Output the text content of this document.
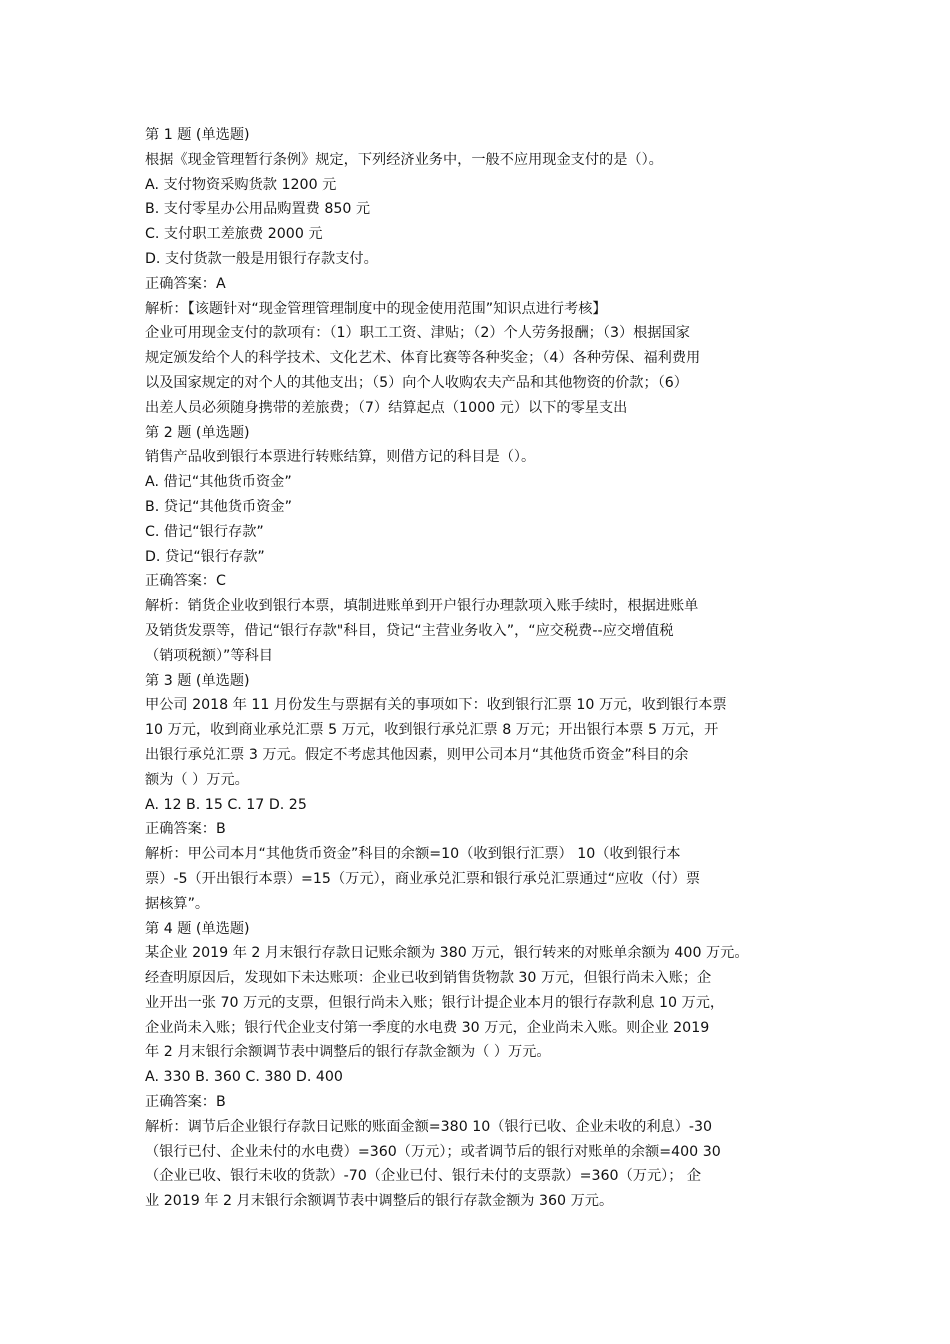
第 1 题 (单选题)
根据《现金管理暂行条例》规定，下列经济业务中，一般不应用现金支付的是（）。
A. 支付物资采购货款 1200 元
B. 支付零星办公用品购置费 850 元
C. 支付职工差旅费 2000 元
D. 支付货款一般是用银行存款支付。
正确答案：A
解析：【该题针对“现金管理管理制度中的现金使用范围”知识点进行考核】
企业可用现金支付的款项有：（1）职工工资、津贴；（2）个人劳务报酬；（3）根据国家
规定颁发给个人的科学技术、文化艺术、体育比赛等各种奖金；（4）各种劳保、福利费用
以及国家规定的对个人的其他支出；（5）向个人收购农夫产品和其他物资的价款；（6）
出差人员必须随身携带的差旅费；（7）结算起点（1000 元）以下的零星支出
第 2 题 (单选题)
销售产品收到银行本票进行转账结算，则借方记的科目是（）。
A. 借记“其他货币资金”
B. 贷记“其他货币资金”
C. 借记“银行存款”
D. 贷记“银行存款”
正确答案：C
解析：销货企业收到银行本票，填制进账单到开户银行办理款项入账手续时，根据进账单
及销货发票等，借记“银行存款"科目，贷记“主营业务收入”，“应交税费--应交增值税
（销项税额）”等科目
第 3 题 (单选题)
甲公司 2018 年 11 月份发生与票据有关的事项如下：收到银行汇票 10 万元，收到银行本票
10 万元，收到商业承兑汇票 5 万元，收到银行承兑汇票 8 万元；开出银行本票 5 万元，开
出银行承兑汇票 3 万元。假定不考虑其他因素，则甲公司本月“其他货币资金”科目的余
额为（ ）万元。
A. 12 B. 15 C. 17 D. 25
正确答案：B
解析：甲公司本月“其他货币资金”科目的余额=10（收到银行汇票） 10（收到银行本
票）-5（开出银行本票）=15（万元），商业承兑汇票和银行承兑汇票通过“应收（付）票
据核算”。
第 4 题 (单选题)
某企业 2019 年 2 月末银行存款日记账余额为 380 万元，银行转来的对账单余额为 400 万元。
经查明原因后，发现如下未达账项：企业已收到销售货物款 30 万元，但银行尚未入账；企
业开出一张 70 万元的支票，但银行尚未入账；银行计提企业本月的银行存款利息 10 万元，
企业尚未入账；银行代企业支付第一季度的水电费 30 万元，企业尚未入账。则企业 2019
年 2 月末银行余额调节表中调整后的银行存款金额为（ ）万元。
A. 330 B. 360 C. 380 D. 400
正确答案：B
解析：调节后企业银行存款日记账的账面金额=380 10（银行已收、企业未收的利息）-30
（银行已付、企业未付的水电费）=360（万元）；或者调节后的银行对账单的余额=400 30
（企业已收、银行未收的货款）-70（企业已付、银行未付的支票款）=360（万元）； 企
业 2019 年 2 月末银行余额调节表中调整后的银行存款金额为 360 万元。
